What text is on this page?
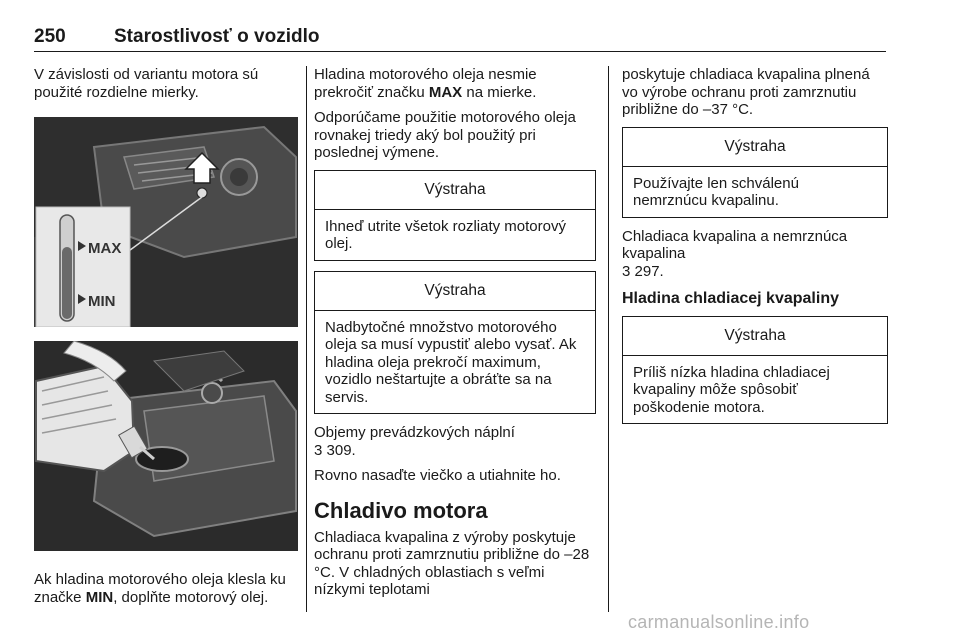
250	Starostlivosť o vozidlo

V závislosti od variantu motora sú použité rozdielne mierky.

MAX
MIN

Ak hladina motorového oleja klesla ku značke MIN, doplňte motorový olej.

Hladina motorového oleja nesmie prekročiť značku MAX na mierke.

Odporúčame použitie motorového oleja rovnakej triedy aký bol použitý pri poslednej výmene.

Výstraha
Ihneď utrite všetok rozliaty motorový olej.
Výstraha
Nadbytočné množstvo motorového oleja sa musí vypustiť alebo vysať. Ak hladina oleja prekročí maximum, vozidlo neštartujte a obráťte sa na servis.

Objemy prevádzkových náplní
3 309.

Rovno nasaďte viečko a utiahnite ho.

Chladivo motora

Chladiaca kvapalina z výroby poskytuje ochranu proti zamrznutiu približne do –28 °C. V chladných oblastiach s veľmi nízkymi teplotami

poskytuje chladiaca kvapalina plnená vo výrobe ochranu proti zamrznutiu približne do –37 °C.

Výstraha
Používajte len schválenú nemrznúcu kvapalinu.

Chladiaca kvapalina a nemrznúca kvapalina
3 297.

Hladina chladiacej kvapaliny
Výstraha
Príliš nízka hladina chladiacej kvapaliny môže spôsobiť poškodenie motora.
carmanualsonline.info
